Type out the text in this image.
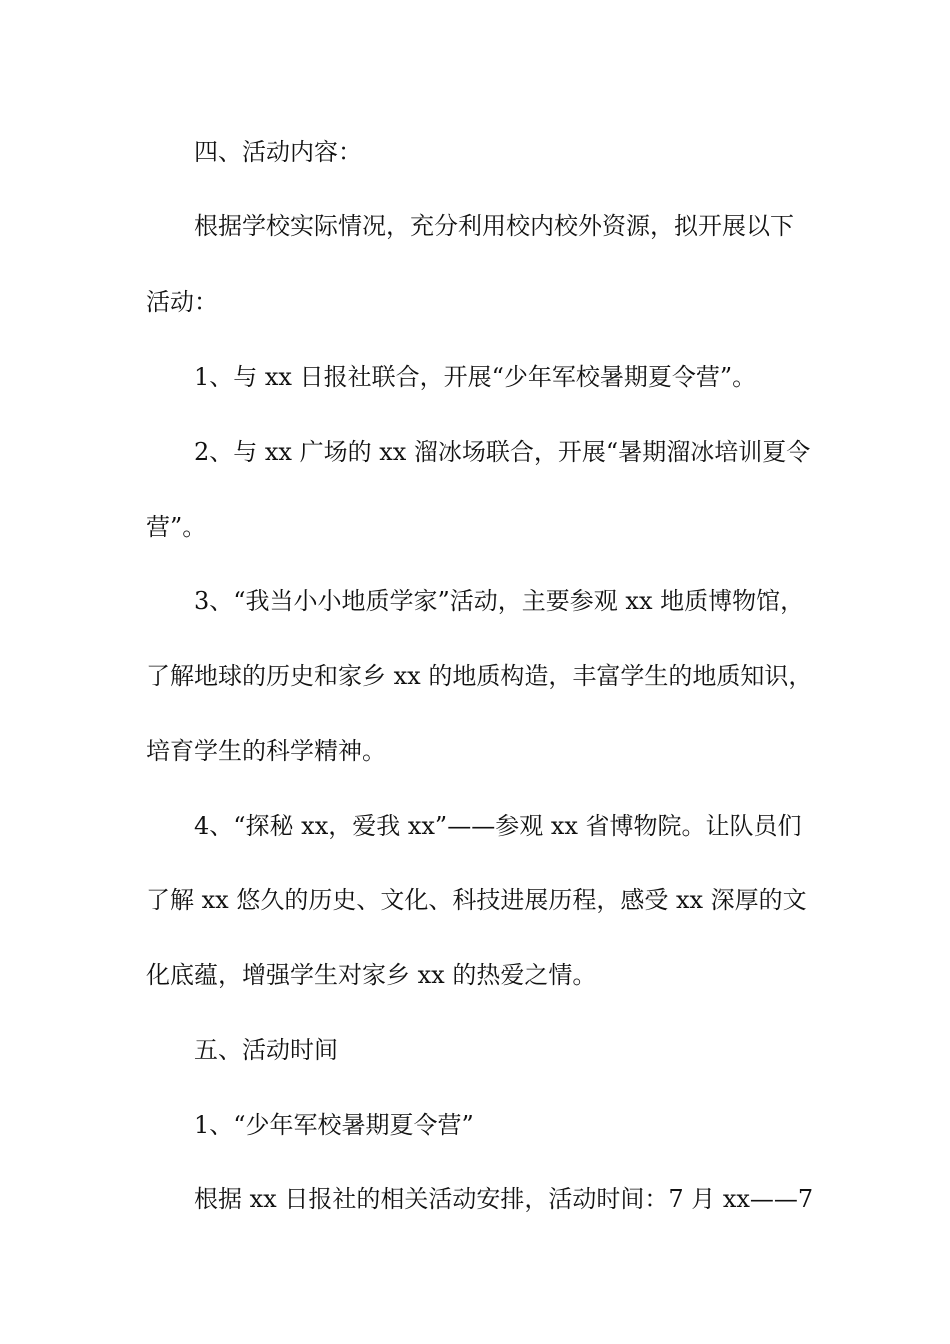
四、活动内容：
根据学校实际情况，充分利用校内校外资源，拟开展以下
活动：
1、与 xx 日报社联合，开展“少年军校暑期夏令营”。
2、与 xx 广场的 xx 溜冰场联合，开展“暑期溜冰培训夏令
营”。
3、“我当小小地质学家”活动，主要参观 xx 地质博物馆，
了解地球的历史和家乡 xx 的地质构造，丰富学生的地质知识，
培育学生的科学精神。
4、“探秘 xx，爱我 xx”——参观 xx 省博物院。让队员们
了解 xx 悠久的历史、文化、科技进展历程，感受 xx 深厚的文
化底蕴，增强学生对家乡 xx 的热爱之情。
五、活动时间
1、“少年军校暑期夏令营”
根据 xx 日报社的相关活动安排，活动时间：7 月 xx——7
